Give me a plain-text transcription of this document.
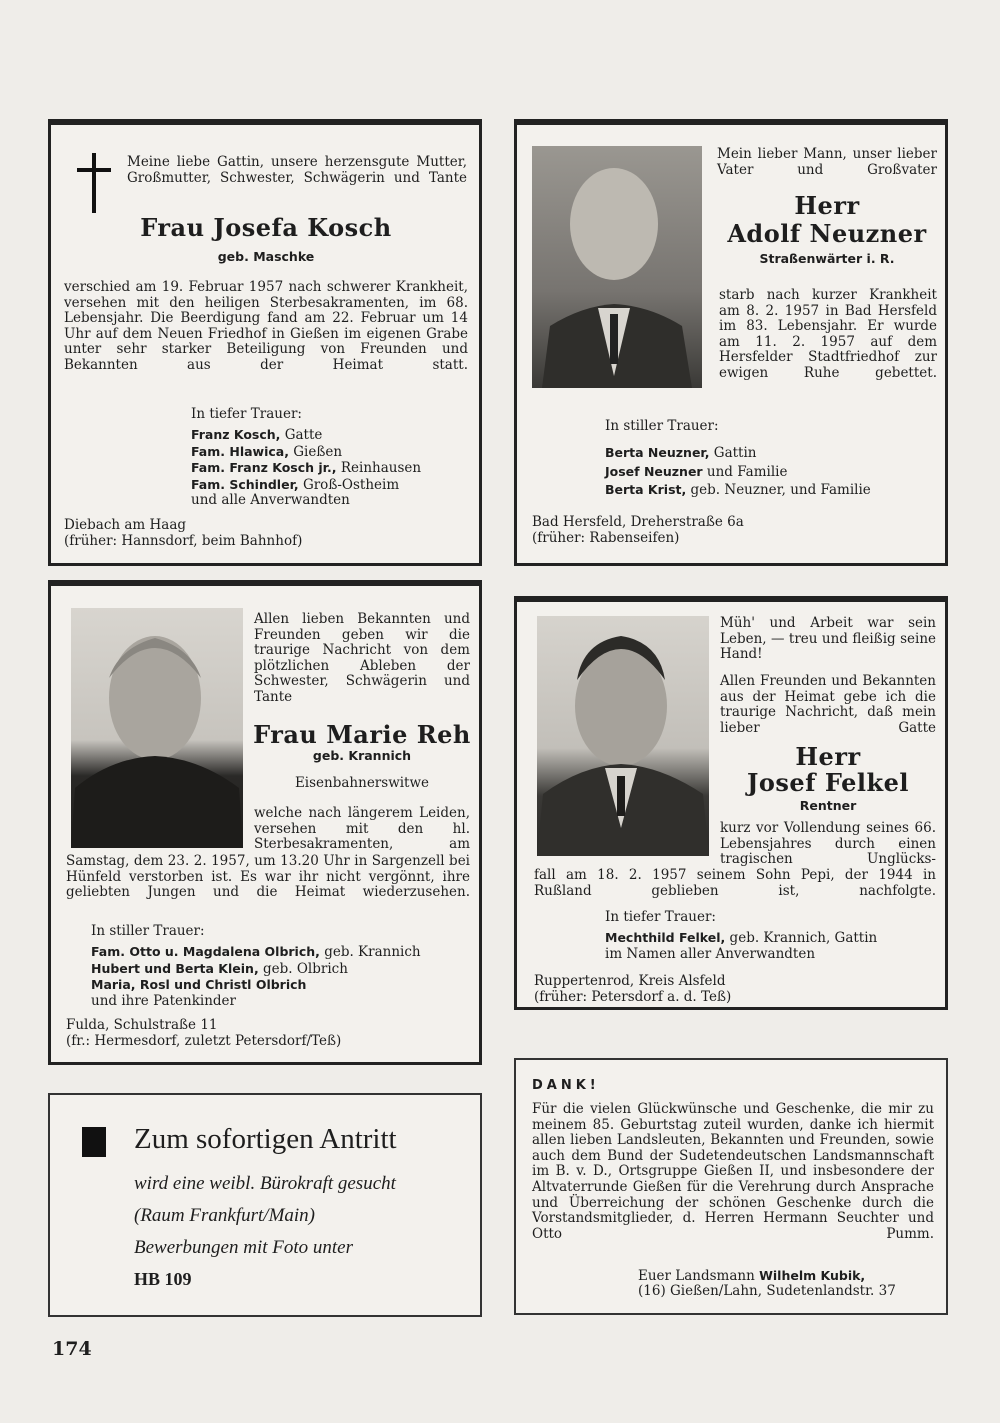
Meine liebe Gattin, unsere herzensgute Mutter, Großmutter, Schwester, Schwägerin und Tante

Frau Josefa Kosch
geb. Maschke

verschied am 19. Februar 1957 nach schwerer Krankheit, versehen mit den heiligen Sterbesakramenten, im 68. Lebensjahr. Die Beerdigung fand am 22. Februar um 14 Uhr auf dem Neuen Friedhof in Gießen im eigenen Grabe unter sehr starker Beteiligung von Freunden und Bekannten aus der Heimat statt.

In tiefer Trauer:

Franz Kosch, Gatte
Fam. Hlawica, Gießen
Fam. Franz Kosch jr., Reinhausen
Fam. Schindler, Groß-Ostheim
und alle Anverwandten

Diebach am Haag

(früher: Hannsdorf, beim Bahnhof)

Mein lieber Mann, unser lieber Vater und Großvater

Herr
Adolf Neuzner
Straßenwärter i. R.

starb nach kurzer Krankheit am 8. 2. 1957 in Bad Hersfeld im 83. Lebensjahr. Er wurde am 11. 2. 1957 auf dem Hersfelder Stadtfriedhof zur ewigen Ruhe gebettet.

In stiller Trauer:

Berta Neuzner, Gattin
Josef Neuzner und Familie
Berta Krist, geb. Neuzner, und Familie

Bad Hersfeld, Dreherstraße 6a

(früher: Rabenseifen)

Allen lieben Bekannten und Freunden geben wir die traurige Nachricht von dem plötzlichen Ableben der Schwester, Schwägerin und Tante

Frau Marie Reh
geb. Krannich

Eisenbahnerswitwe

welche nach längerem Leiden, versehen mit den hl. Sterbesakramenten, am

Samstag, dem 23. 2. 1957, um 13.20 Uhr in Sargenzell bei Hünfeld verstorben ist. Es war ihr nicht vergönnt, ihre geliebten Jungen und die Heimat wiederzusehen.

In stiller Trauer:

Fam. Otto u. Magdalena Olbrich, geb. Krannich
Hubert und Berta Klein, geb. Olbrich
Maria, Rosl und Christl Olbrich
und ihre Patenkinder

Fulda, Schulstraße 11

(fr.: Hermesdorf, zuletzt Petersdorf/Teß)

Müh' und Arbeit war sein Leben, — treu und fleißig seine Hand!

Allen Freunden und Bekannten aus der Heimat gebe ich die traurige Nachricht, daß mein lieber Gatte

Herr
Josef Felkel
Rentner

kurz vor Vollendung seines 66. Lebensjahres durch einen tragischen Unglücks-

fall am 18. 2. 1957 seinem Sohn Pepi, der 1944 in Rußland geblieben ist, nachfolgte.

In tiefer Trauer:

Mechthild Felkel, geb. Krannich, Gattin
im Namen aller Anverwandten

Ruppertenrod, Kreis Alsfeld

(früher: Petersdorf a. d. Teß)

Zum sofortigen Antritt
wird eine weibl. Bürokraft gesucht
(Raum Frankfurt/Main)
Bewerbungen mit Foto unter
HB 109
DANK!

Für die vielen Glückwünsche und Geschenke, die mir zu meinem 85. Geburtstag zuteil wurden, danke ich hiermit allen lieben Landsleuten, Bekannten und Freunden, sowie auch dem Bund der Sudetendeutschen Landsmannschaft im B. v. D., Ortsgruppe Gießen II, und insbesondere der Altvaterrunde Gießen für die Verehrung durch Ansprache und Überreichung der schönen Geschenke durch die Vorstandsmitglieder, d. Herren Hermann Seuchter und Otto Pumm.

Euer Landsmann Wilhelm Kubik,

(16) Gießen/Lahn, Sudetenlandstr. 37

174
